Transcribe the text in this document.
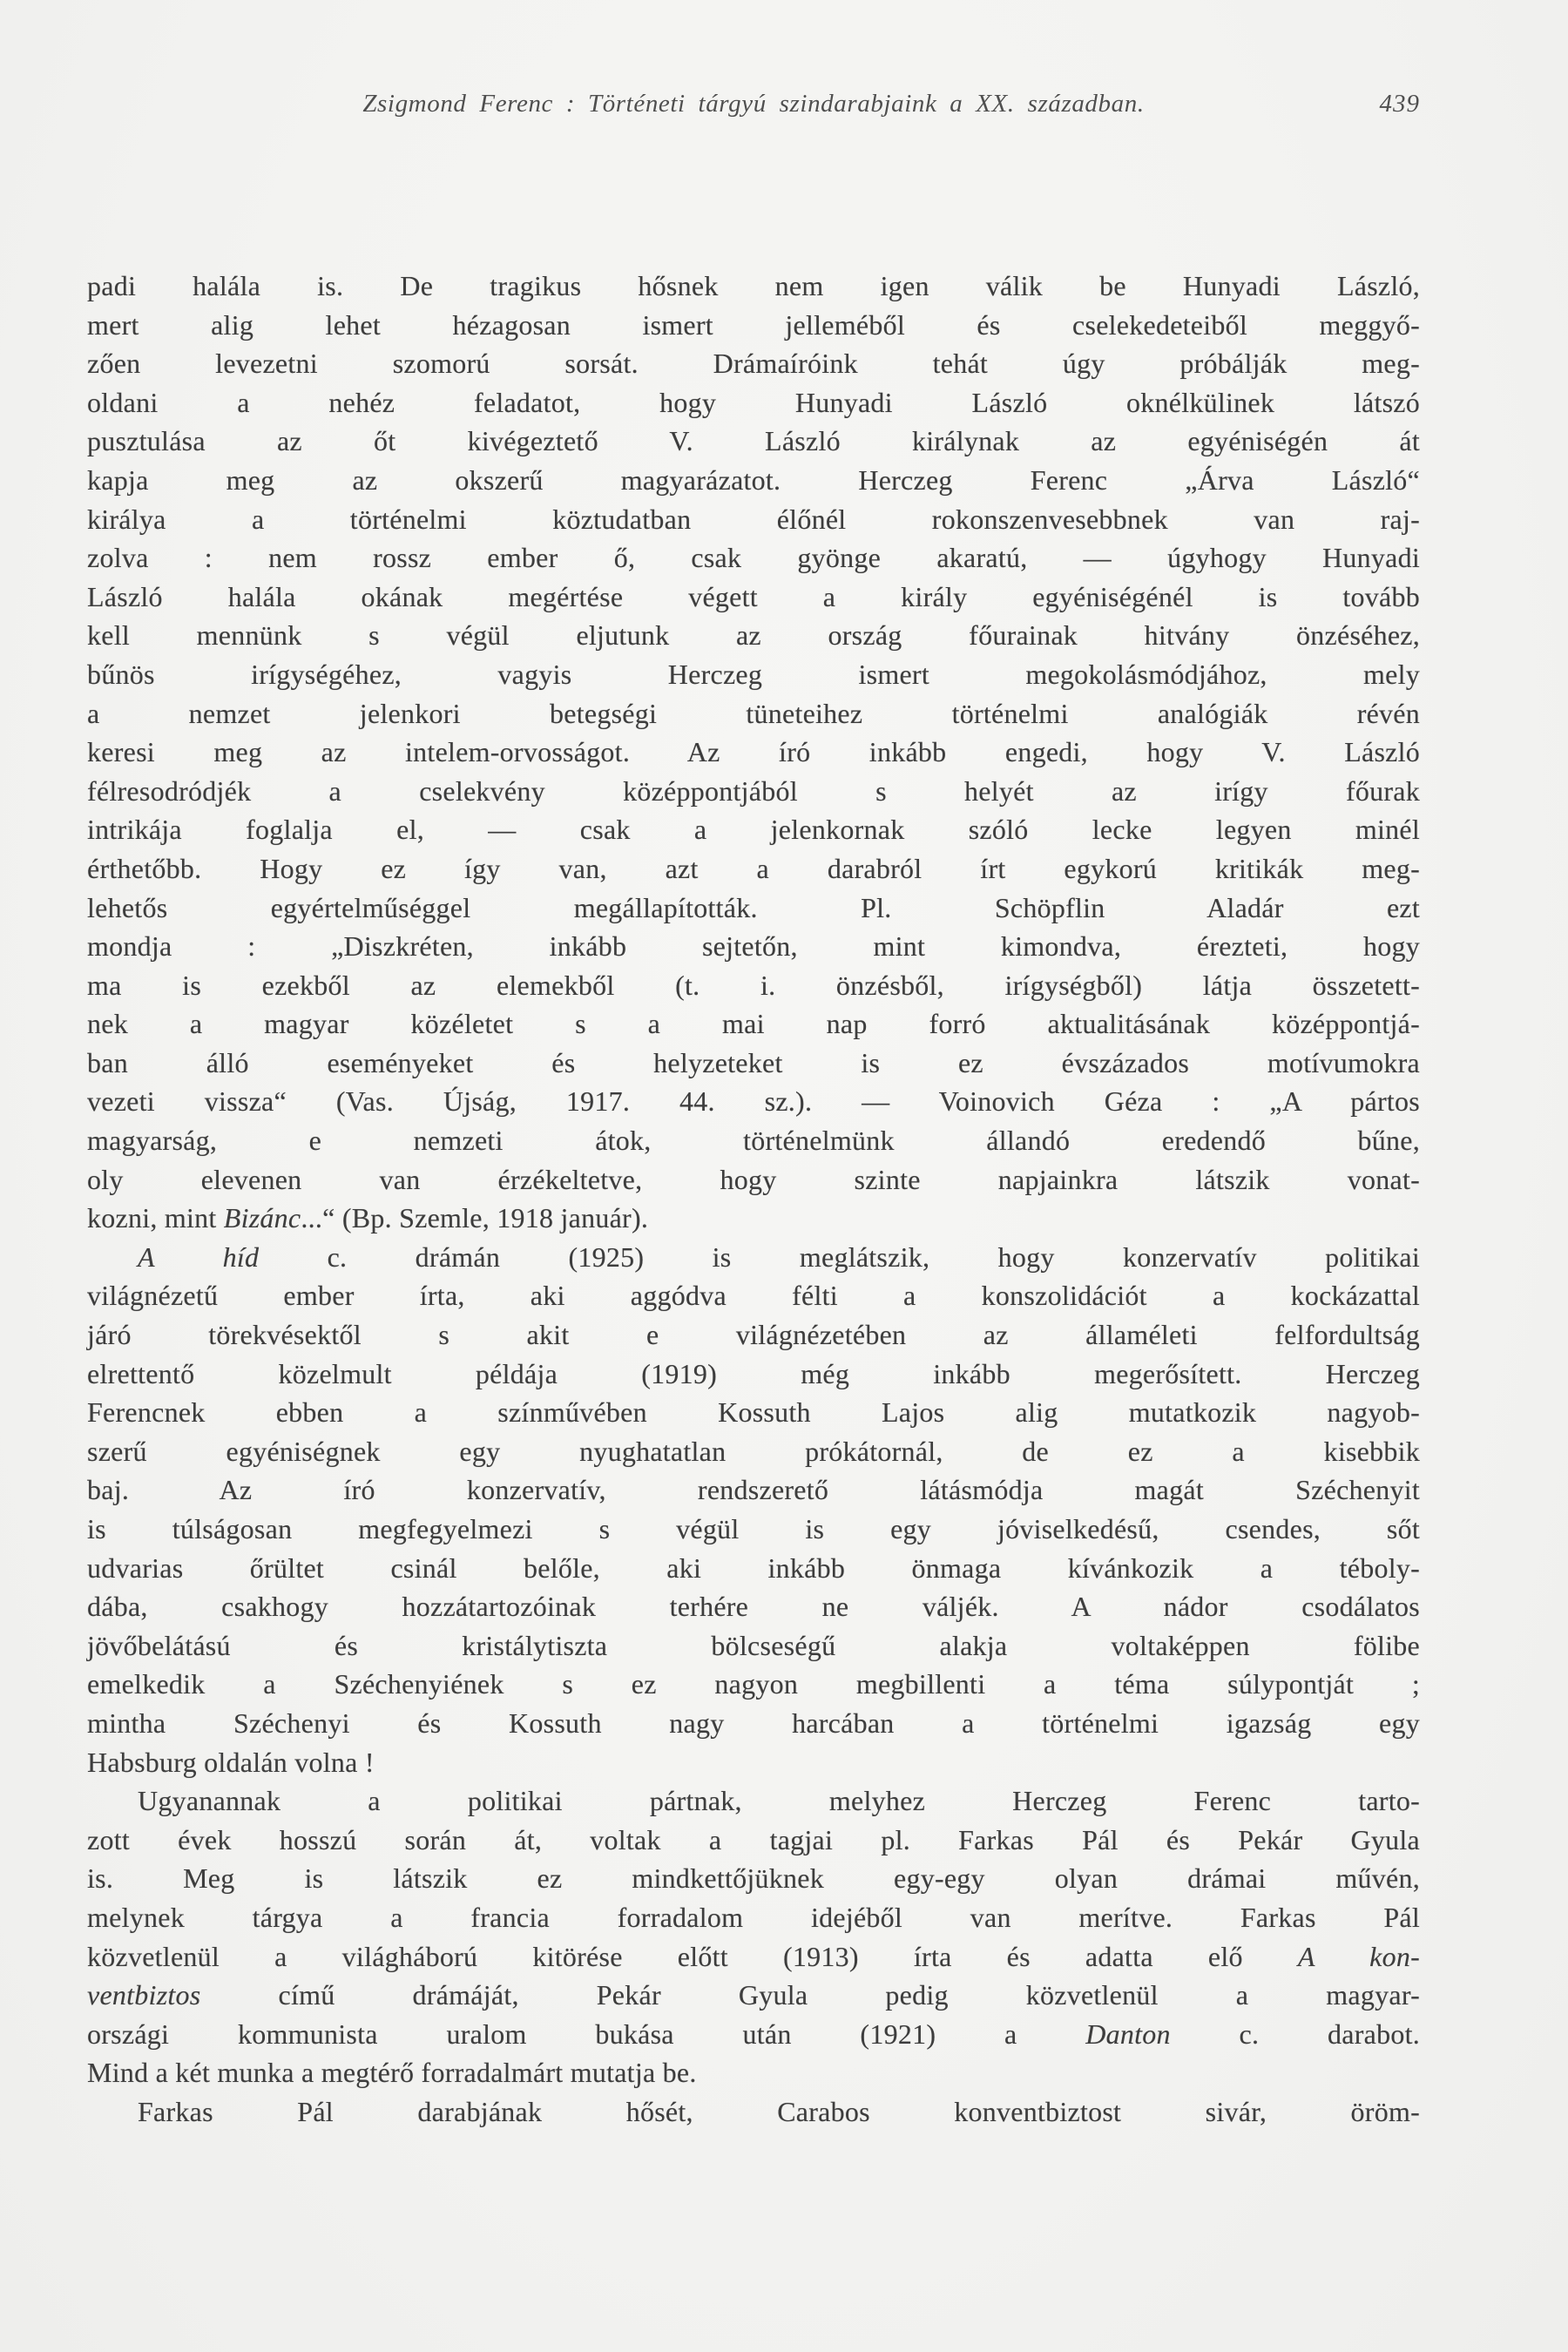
Zsigmond Ferenc : Történeti tárgyú szindarabjaink a XX. században.	439
padi halála is. De tragikus hősnek nem igen válik be Hunyadi László,
mert alig lehet hézagosan ismert jelleméből és cselekedeteiből meggyő-
zően levezetni szomorú sorsát. Drámaíróink tehát úgy próbálják meg-
oldani a nehéz feladatot, hogy Hunyadi László oknélkülinek látszó
pusztulása az őt kivégeztető V. László királynak az egyéniségén át
kapja meg az okszerű magyarázatot. Herczeg Ferenc „Árva László“
királya a történelmi köztudatban élőnél rokonszenvesebbnek van raj-
zolva : nem rossz ember ő, csak gyönge akaratú, — úgyhogy Hunyadi
László halála okának megértése végett a király egyéniségénél is tovább
kell mennünk s végül eljutunk az ország főurainak hitvány önzéséhez,
bűnös irígységéhez, vagyis Herczeg ismert megokolásmódjához, mely
a nemzet jelenkori betegségi tüneteihez történelmi analógiák révén
keresi meg az intelem-orvosságot. Az író inkább engedi, hogy V. László
félresodródjék a cselekvény középpontjából s helyét az irígy főurak
intrikája foglalja el, — csak a jelenkornak szóló lecke legyen minél
érthetőbb. Hogy ez így van, azt a darabról írt egykorú kritikák meg-
lehetős egyértelműséggel megállapították. Pl. Schöpflin Aladár ezt
mondja : „Diszkréten, inkább sejtetőn, mint kimondva, érezteti, hogy
ma is ezekből az elemekből (t. i. önzésből, irígységből) látja összetett-
nek a magyar közéletet s a mai nap forró aktualitásának középpontjá-
ban álló eseményeket és helyzeteket is ez évszázados motívumokra
vezeti vissza“ (Vas. Újság, 1917. 44. sz.). — Voinovich Géza : „A pártos
magyarság, e nemzeti átok, történelmünk állandó eredendő bűne,
oly elevenen van érzékeltetve, hogy szinte napjainkra látszik vonat-
kozni, mint Bizánc...“ (Bp. Szemle, 1918 január).
A híd c. drámán (1925) is meglátszik, hogy konzervatív politikai
világnézetű ember írta, aki aggódva félti a konszolidációt a kockázattal
járó törekvésektől s akit e világnézetében az államéleti felfordultság
elrettentő közelmult példája (1919) még inkább megerősített. Herczeg
Ferencnek ebben a színművében Kossuth Lajos alig mutatkozik nagyob-
szerű egyéniségnek egy nyughatatlan prókátornál, de ez a kisebbik
baj. Az író konzervatív, rendszerető látásmódja magát Széchenyit
is túlságosan megfegyelmezi s végül is egy jóviselkedésű, csendes, sőt
udvarias őrültet csinál belőle, aki inkább önmaga kívánkozik a téboly-
dába, csakhogy hozzátartozóinak terhére ne váljék. A nádor csodálatos
jövőbelátású és kristálytiszta bölcseségű alakja voltaképpen fölibe
emelkedik a Széchenyiének s ez nagyon megbillenti a téma súlypontját ;
mintha Széchenyi és Kossuth nagy harcában a történelmi igazság egy
Habsburg oldalán volna !
Ugyanannak a politikai pártnak, melyhez Herczeg Ferenc tarto-
zott évek hosszú során át, voltak a tagjai pl. Farkas Pál és Pekár Gyula
is. Meg is látszik ez mindkettőjüknek egy-egy olyan drámai művén,
melynek tárgya a francia forradalom idejéből van merítve. Farkas Pál
közvetlenül a világháború kitörése előtt (1913) írta és adatta elő A kon-
ventbiztos című drámáját, Pekár Gyula pedig közvetlenül a magyar-
országi kommunista uralom bukása után (1921) a Danton c. darabot.
Mind a két munka a megtérő forradalmárt mutatja be.
Farkas Pál darabjának hősét, Carabos konventbiztost sivár, öröm-
